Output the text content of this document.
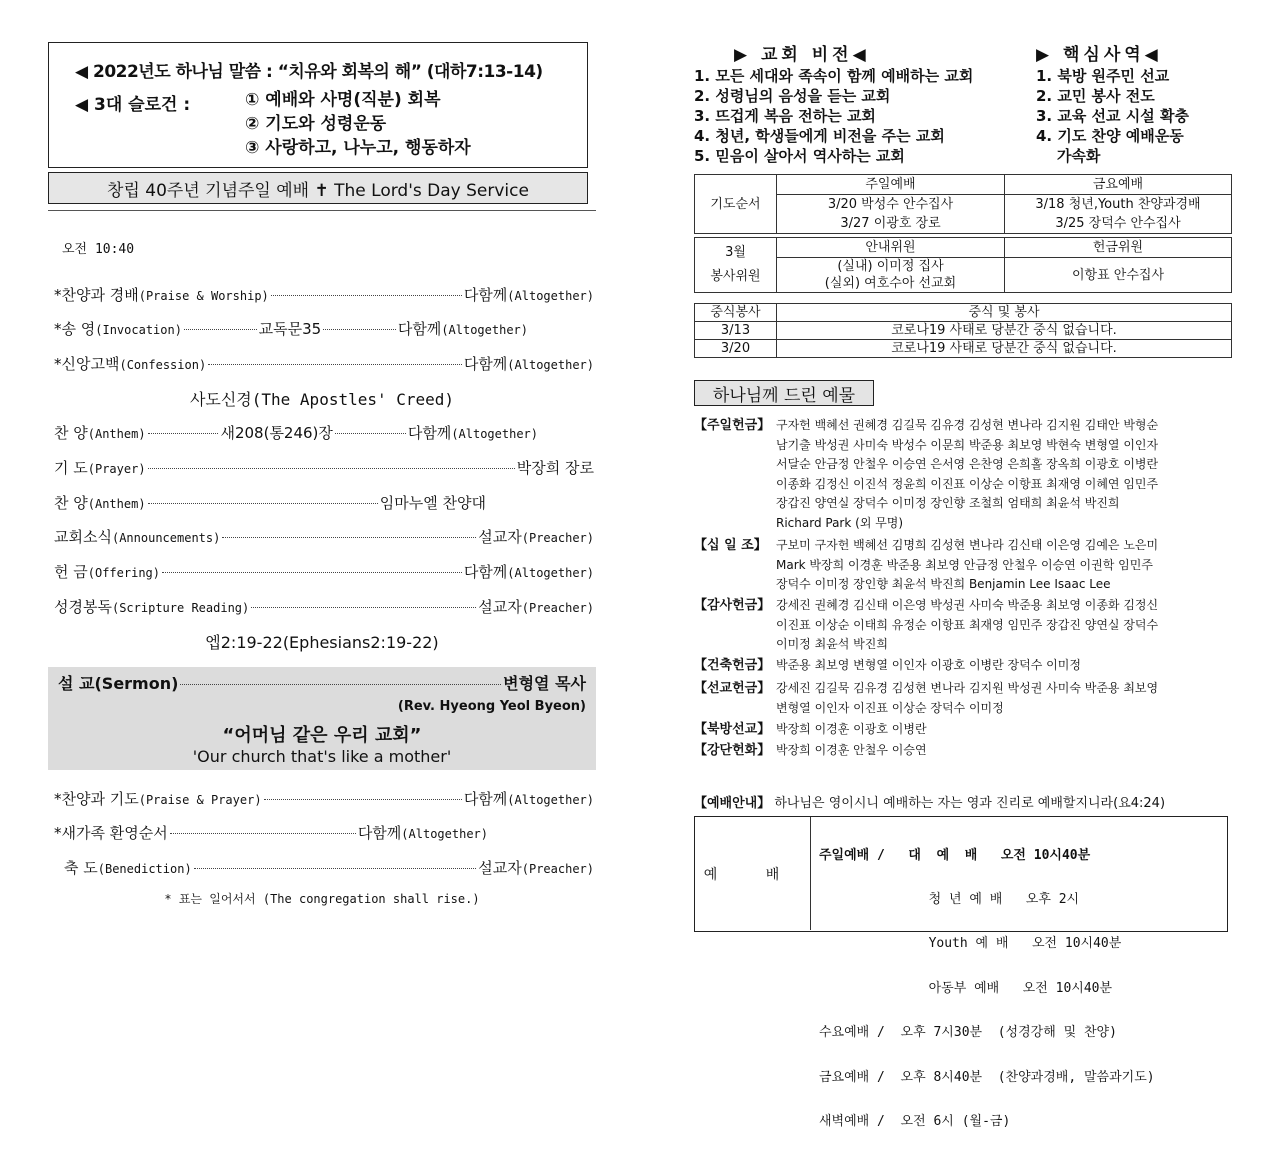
◀ 2022년도 하나님 말씀 : “치유와 회복의 해” (대하7:13-14)
◀ 3대 슬로건 :	① 예배와 사명(직분) 회복
② 기도와 성령운동
③ 사랑하고, 나누고, 행동하자
창립 40주년 기념주일 예배 ✝ The Lord's Day Service
오전 10:40
*찬양과 경배 (Praise & Worship)	다함께 (Altogether)
*송 영 (Invocation)	교독문35	다함께 (Altogether)
*신앙고백 (Confession)	다함께 (Altogether)
사도신경(The Apostles' Creed)
찬 양 (Anthem)	새208(통246)장	다함께 (Altogether)
기 도 (Prayer)	박장희 장로
찬 양 (Anthem)	임마누엘 찬양대
교회소식 (Announcements)	설교자 (Preacher)
헌 금 (Offering)	다함께 (Altogether)
성경봉독 (Scripture Reading)	설교자 (Preacher)
엡2:19-22(Ephesians2:19-22)
설 교(Sermon)	변형열 목사
(Rev. Hyeong Yeol Byeon)
“어머님 같은 우리 교회”
'Our church that's like a mother'
*찬양과 기도 (Praise & Prayer)	다함께 (Altogether)
*새가족 환영순서	다함께 (Altogether)
축 도 (Benediction)	설교자 (Preacher)
* 표는 일어서서 (The congregation shall rise.)
▶ 교회 비전◀	▶ 핵심사역◀
1. 모든 세대와 족속이 함께 예배하는 교회
2. 성령님의 음성을 듣는 교회
3. 뜨겁게 복음 전하는 교회
4. 청년, 학생들에게 비전을 주는 교회
5. 믿음이 살아서 역사하는 교회
1. 북방 원주민 선교
2. 교민 봉사 전도
3. 교육 선교 시설 확충
4. 기도 찬양 예배운동
가속화
기도순서	주일예배	금요예배
	3/20 박성수 안수집사	3/18 청년,Youth 찬양과경배
	3/27 이광호 장로	3/25 장덕수 안수집사
3월
봉사위원	안내위원	헌금위원
	(실내) 이미정 집사	이항표 안수집사
	(실외) 여호수아 선교회	
중식봉사	중식 및 봉사
3/13	코로나19 사태로 당분간 중식 없습니다.
3/20	코로나19 사태로 당분간 중식 없습니다.
하나님께 드린 예물
【주일헌금】 구자헌 백혜선 권혜경 김길묵 김유경 김성현 변나라 김지원 김태안 박형순
남기출 박성권 사미숙 박성수 이문희 박준용 최보영 박현숙 변형열 이인자
서달순 안금정 안철우 이승연 은서영 은찬영 은희홀 장옥희 이광호 이병란
이종화 김정신 이진석 정윤희 이진표 이상순 이항표 최재영 이혜연 임민주
장갑진 양연실 장덕수 이미정 장인향 조철희 엄태희 최윤석 박진희
Richard Park (외 무명)
【십 일 조】 구보미 구자헌 백혜선 김명희 김성현 변나라 김신태 이은영 김예은 노은미
Mark 박장희 이경훈 박준용 최보영 안금정 안철우 이승연 이권학 임민주
장덕수 이미정 장인향 최윤석 박진희 Benjamin Lee Isaac Lee
【감사헌금】 강세진 권혜경 김신태 이은영 박성권 사미숙 박준용 최보영 이종화 김정신
이진표 이상순 이태희 유정순 이항표 최재영 임민주 장갑진 양연실 장덕수
이미정 최윤석 박진희
【건축헌금】 박준용 최보영 변형열 이인자 이광호 이병란 장덕수 이미정
【선교헌금】 강세진 김길묵 김유경 김성현 변나라 김지원 박성권 사미숙 박준용 최보영
변형열 이인자 이진표 이상순 장덕수 이미정
【북방선교】 박장희 이경훈 이광호 이병란
【강단헌화】 박장희 이경훈 안철우 이승연
【예배안내】 하나님은 영이시니 예배하는 자는 영과 진리로 예배할지니라(요4:24)
예 배

주일예배 /   대  예  배   오전 10시40분

청 년 예 배   오후 2시

Youth 예 배   오전 10시40분

아동부 예배   오전 10시40분

수요예배 /  오후 7시30분  (성경강해 및 찬양)

금요예배 /  오후 8시40분  (찬양과경배, 말씀과기도)

새벽예배 /  오전 6시 (월-금)
